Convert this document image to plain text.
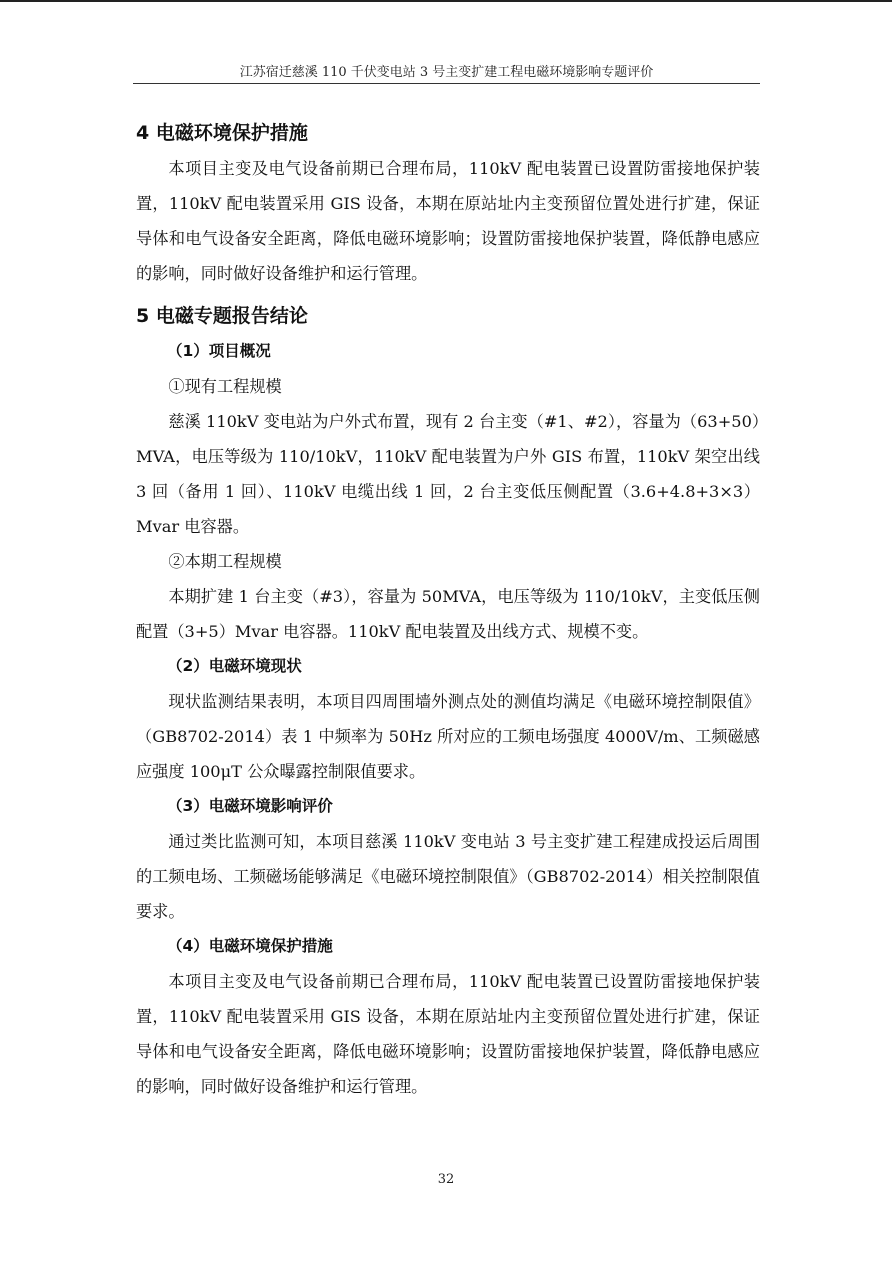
江苏宿迁慈溪 110 千伏变电站 3 号主变扩建工程电磁环境影响专题评价
4 电磁环境保护措施
本项目主变及电气设备前期已合理布局，110kV 配电装置已设置防雷接地保护装置，110kV 配电装置采用 GIS 设备，本期在原站址内主变预留位置处进行扩建，保证导体和电气设备安全距离，降低电磁环境影响；设置防雷接地保护装置，降低静电感应的影响，同时做好设备维护和运行管理。
5 电磁专题报告结论
（1）项目概况
①现有工程规模
慈溪 110kV 变电站为户外式布置，现有 2 台主变（#1、#2），容量为（63+50）MVA，电压等级为 110/10kV，110kV 配电装置为户外 GIS 布置，110kV 架空出线 3 回（备用 1 回）、110kV 电缆出线 1 回，2 台主变低压侧配置（3.6+4.8+3×3）Mvar 电容器。
②本期工程规模
本期扩建 1 台主变（#3），容量为 50MVA，电压等级为 110/10kV，主变低压侧配置（3+5）Mvar 电容器。110kV 配电装置及出线方式、规模不变。
（2）电磁环境现状
现状监测结果表明，本项目四周围墙外测点处的测值均满足《电磁环境控制限值》（GB8702-2014）表 1 中频率为 50Hz 所对应的工频电场强度 4000V/m、工频磁感应强度 100μT 公众曝露控制限值要求。
（3）电磁环境影响评价
通过类比监测可知，本项目慈溪 110kV 变电站 3 号主变扩建工程建成投运后周围的工频电场、工频磁场能够满足《电磁环境控制限值》（GB8702-2014）相关控制限值要求。
（4）电磁环境保护措施
本项目主变及电气设备前期已合理布局，110kV 配电装置已设置防雷接地保护装置，110kV 配电装置采用 GIS 设备，本期在原站址内主变预留位置处进行扩建，保证导体和电气设备安全距离，降低电磁环境影响；设置防雷接地保护装置，降低静电感应的影响，同时做好设备维护和运行管理。
32
